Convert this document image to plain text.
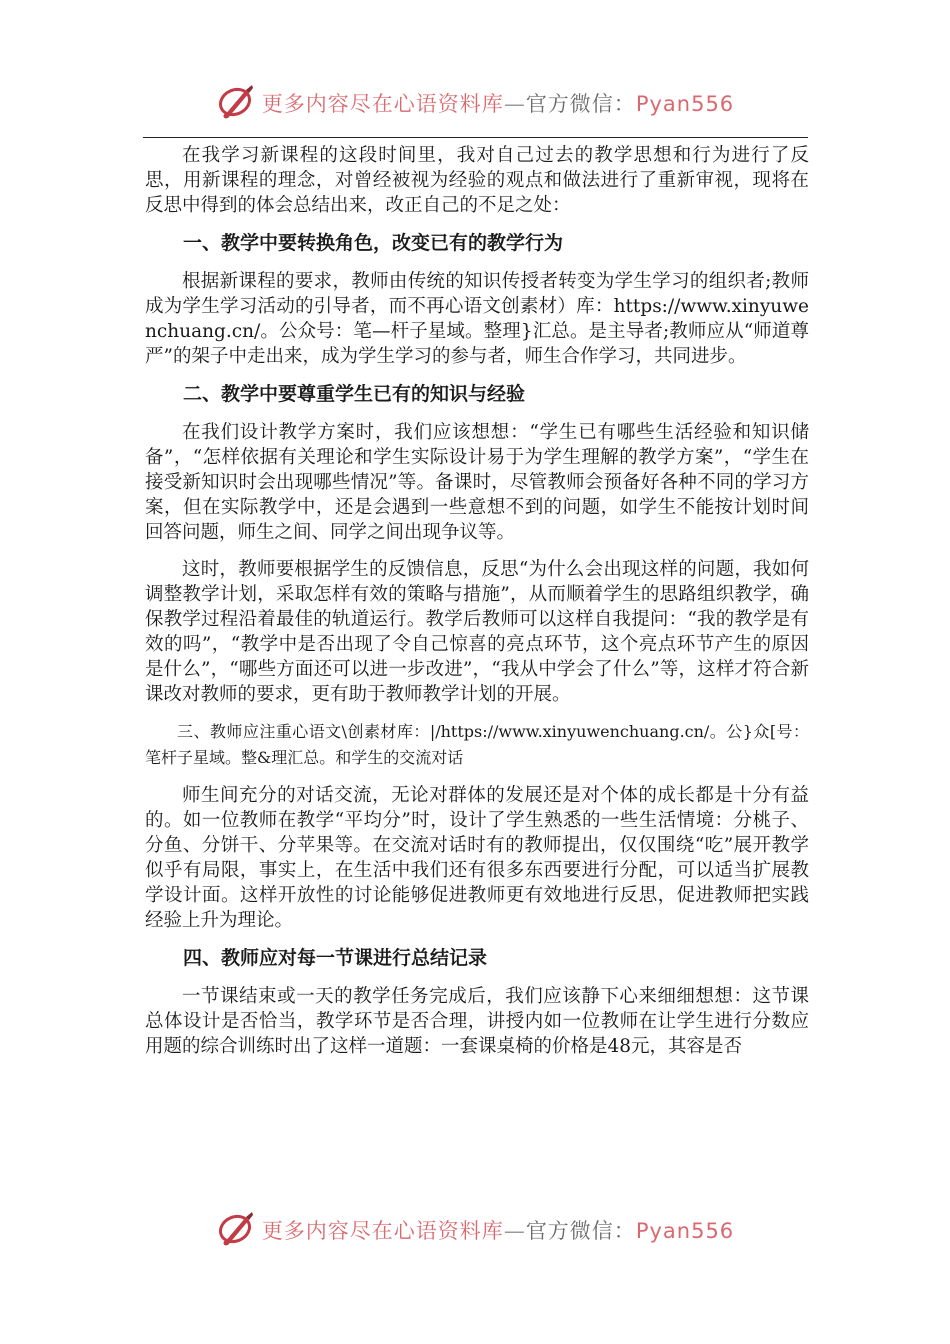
更多内容尽在心语资料库—官方微信：Pyan556

在我学习新课程的这段时间里，我对自己过去的教学思想和行为进行了反思，用新课程的理念，对曾经被视为经验的观点和做法进行了重新审视，现将在反思中得到的体会总结出来，改正自己的不足之处：

一、教学中要转换角色，改变已有的教学行为

根据新课程的要求，教师由传统的知识传授者转变为学生学习的组织者;教师成为学生学习活动的引导者，而不再心语文创素材）库：https://www.xinyuwenchuang.cn/。公众号：笔—杆子星域。整理}汇总。是主导者;教师应从“师道尊严”的架子中走出来，成为学生学习的参与者，师生合作学习，共同进步。

二、教学中要尊重学生已有的知识与经验

在我们设计教学方案时，我们应该想想：“学生已有哪些生活经验和知识储备”，“怎样依据有关理论和学生实际设计易于为学生理解的教学方案”，“学生在接受新知识时会出现哪些情况”等。备课时，尽管教师会预备好各种不同的学习方案，但在实际教学中，还是会遇到一些意想不到的问题，如学生不能按计划时间回答问题，师生之间、同学之间出现争议等。

这时，教师要根据学生的反馈信息，反思“为什么会出现这样的问题，我如何调整教学计划，采取怎样有效的策略与措施”，从而顺着学生的思路组织教学，确保教学过程沿着最佳的轨道运行。教学后教师可以这样自我提问：“我的教学是有效的吗”，“教学中是否出现了令自己惊喜的亮点环节，这个亮点环节产生的原因是什么”，“哪些方面还可以进一步改进”，“我从中学会了什么”等，这样才符合新课改对教师的要求，更有助于教师教学计划的开展。

三、教师应注重心语文\创素材库：|/https://www.xinyuwenchuang.cn/。公}众[号：笔杆子星域。整&理汇总。和学生的交流对话

师生间充分的对话交流，无论对群体的发展还是对个体的成长都是十分有益的。如一位教师在教学“平均分”时，设计了学生熟悉的一些生活情境：分桃子、分鱼、分饼干、分苹果等。在交流对话时有的教师提出，仅仅围绕“吃”展开教学似乎有局限，事实上，在生活中我们还有很多东西要进行分配，可以适当扩展教学设计面。这样开放性的讨论能够促进教师更有效地进行反思，促进教师把实践经验上升为理论。

四、教师应对每一节课进行总结记录

一节课结束或一天的教学任务完成后，我们应该静下心来细细想想：这节课总体设计是否恰当，教学环节是否合理，讲授内如一位教师在让学生进行分数应用题的综合训练时出了这样一道题：一套课桌椅的价格是48元，其容是否

更多内容尽在心语资料库—官方微信：Pyan556
